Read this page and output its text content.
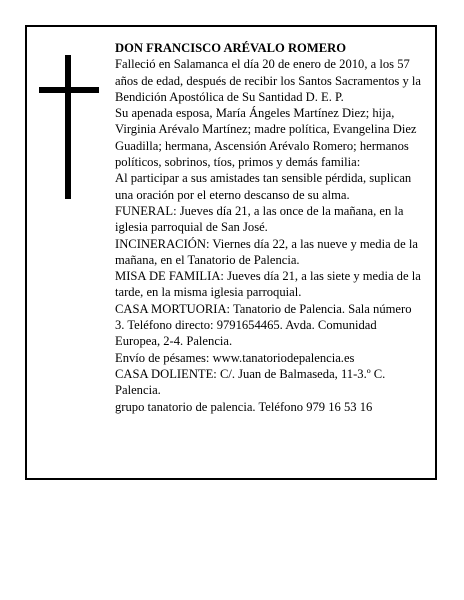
DON FRANCISCO ARÉVALO ROMERO

Falleció en Salamanca el día 20 de enero de 2010, a los 57 años de edad, después de recibir los Santos Sacramentos y la Bendición Apostólica de Su Santidad D. E. P.

Su apenada esposa, María Ángeles Martínez Diez; hija, Virginia Arévalo Martínez; madre política, Evangelina Diez Guadilla; hermana, Ascensión Arévalo Romero; hermanos políticos, sobrinos, tíos, primos y demás familia:

Al participar a sus amistades tan sensible pérdida, suplican una oración por el eterno descanso de su alma.

FUNERAL: Jueves día 21, a las once de la mañana, en la iglesia parroquial de San José.

INCINERACIÓN: Viernes día 22, a las nueve y media de la mañana, en el Tanatorio de Palencia.

MISA DE FAMILIA: Jueves día 21, a las siete y media de la tarde, en la misma iglesia parroquial.

CASA MORTUORIA: Tanatorio de Palencia. Sala número 3. Teléfono directo: 9791654465. Avda. Comunidad Europea, 2-4. Palencia.

Envío de pésames: www.tanatoriodepalencia.es

CASA DOLIENTE: C/. Juan de Balmaseda, 11-3.º C. Palencia.

grupo tanatorio de palencia. Teléfono 979 16 53 16
